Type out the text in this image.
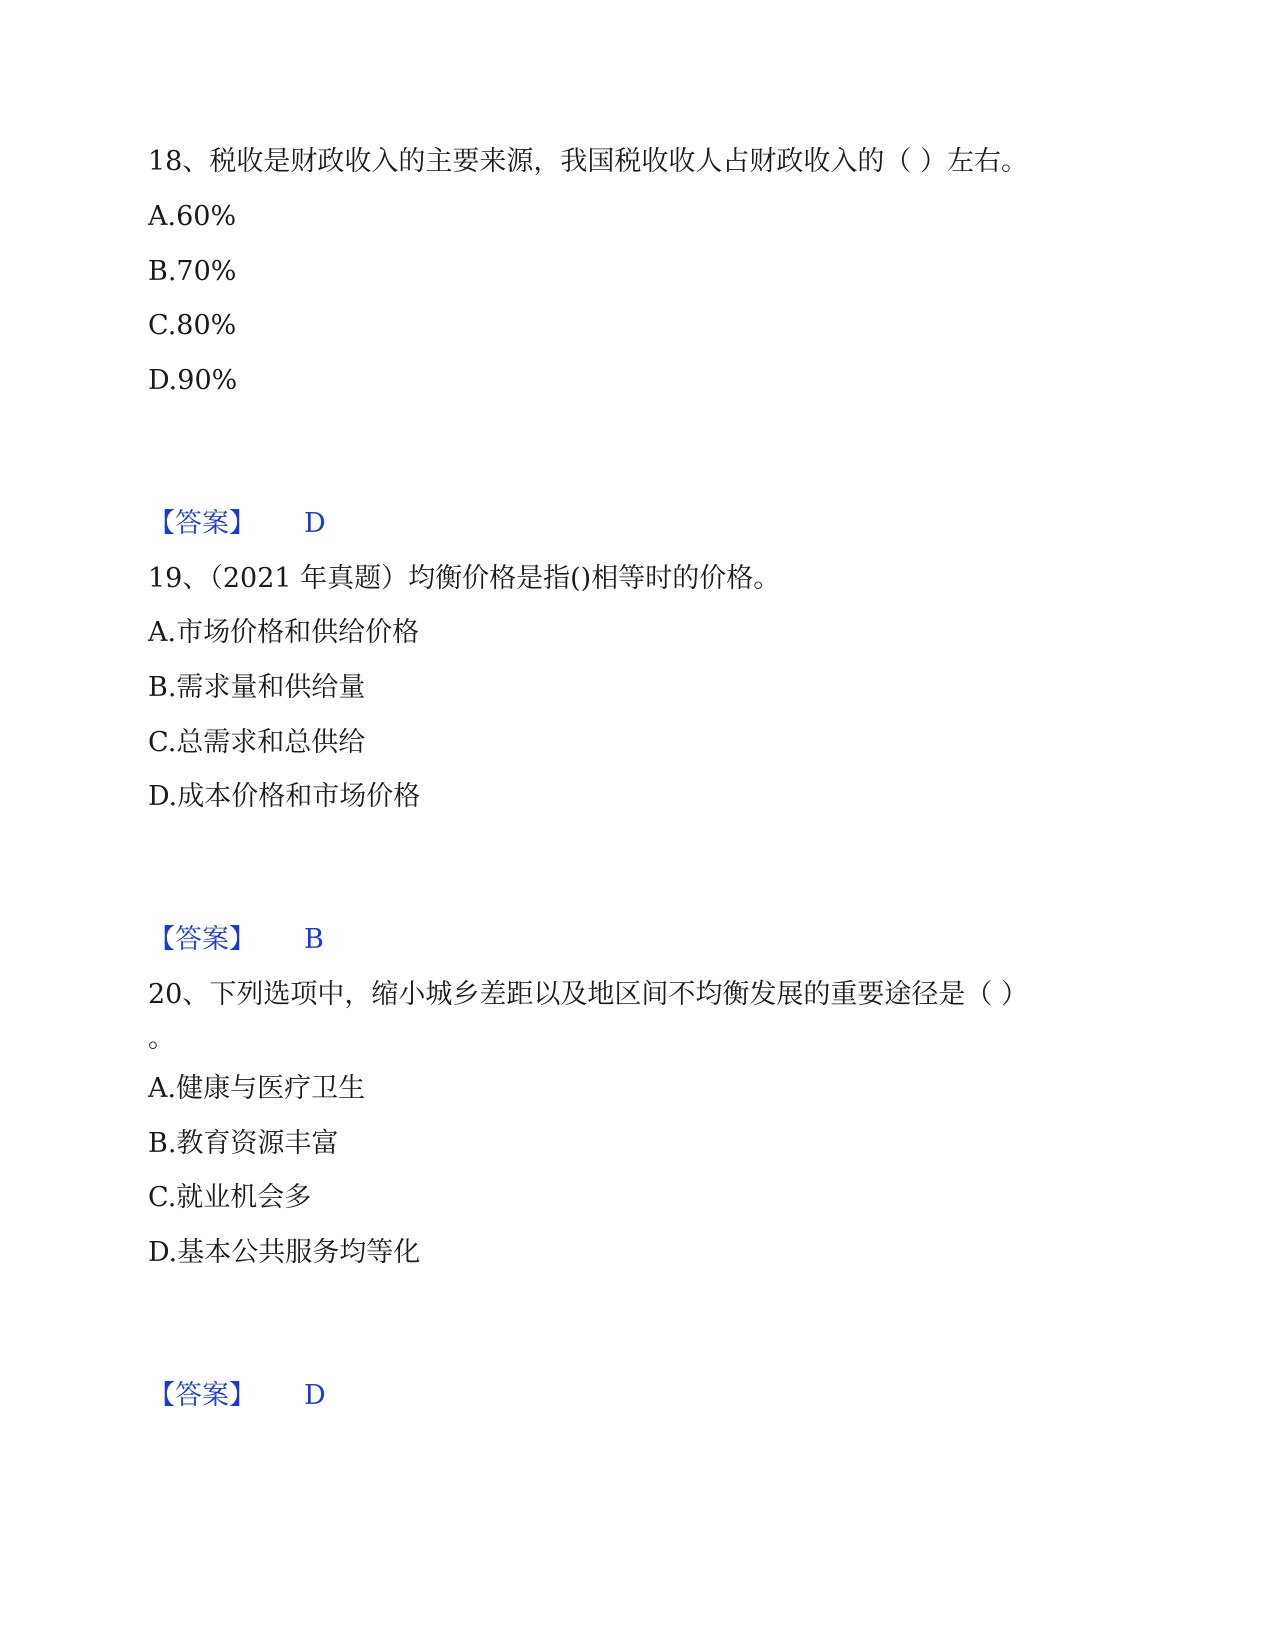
18、税收是财政收入的主要来源，我国税收收人占财政收入的（ ）左右。
A.60%
B.70%
C.80%
D.90%
【答案】 D
19、（2021 年真题）均衡价格是指()相等时的价格。
A.市场价格和供给价格
B.需求量和供给量
C.总需求和总供给
D.成本价格和市场价格
【答案】 B
20、下列选项中，缩小城乡差距以及地区间不均衡发展的重要途径是（ ）
。
A.健康与医疗卫生
B.教育资源丰富
C.就业机会多
D.基本公共服务均等化
【答案】 D
